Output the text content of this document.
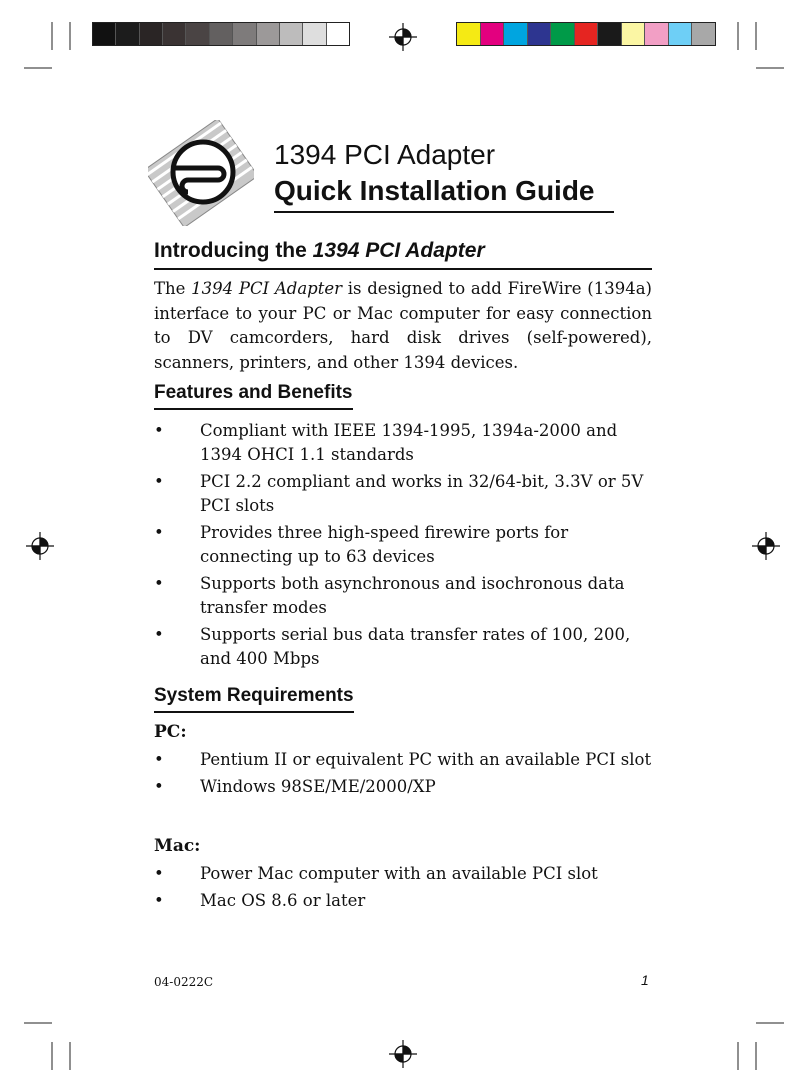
1394 PCI Adapter
Quick Installation Guide
Introducing the 1394 PCI Adapter

The 1394 PCI Adapter is designed to add FireWire (1394a) interface to your PC or Mac computer for easy connection to DV camcorders, hard disk drives (self-powered), scanners, printers, and other 1394 devices.

Features and Benefits
• Compliant with IEEE 1394-1995, 1394a-2000 and 1394 OHCI 1.1 standards
• PCI 2.2 compliant and works in 32/64-bit, 3.3V or 5V PCI slots
• Provides three high-speed firewire ports for connecting up to 63 devices
• Supports both asynchronous and isochronous data transfer modes
• Supports serial bus data transfer rates of 100, 200, and 400 Mbps
System Requirements
PC:
• Pentium II or equivalent PC with an available PCI slot
• Windows 98SE/ME/2000/XP
Mac:
• Power Mac computer with an available PCI slot
• Mac OS 8.6 or later
04-0222C	1
